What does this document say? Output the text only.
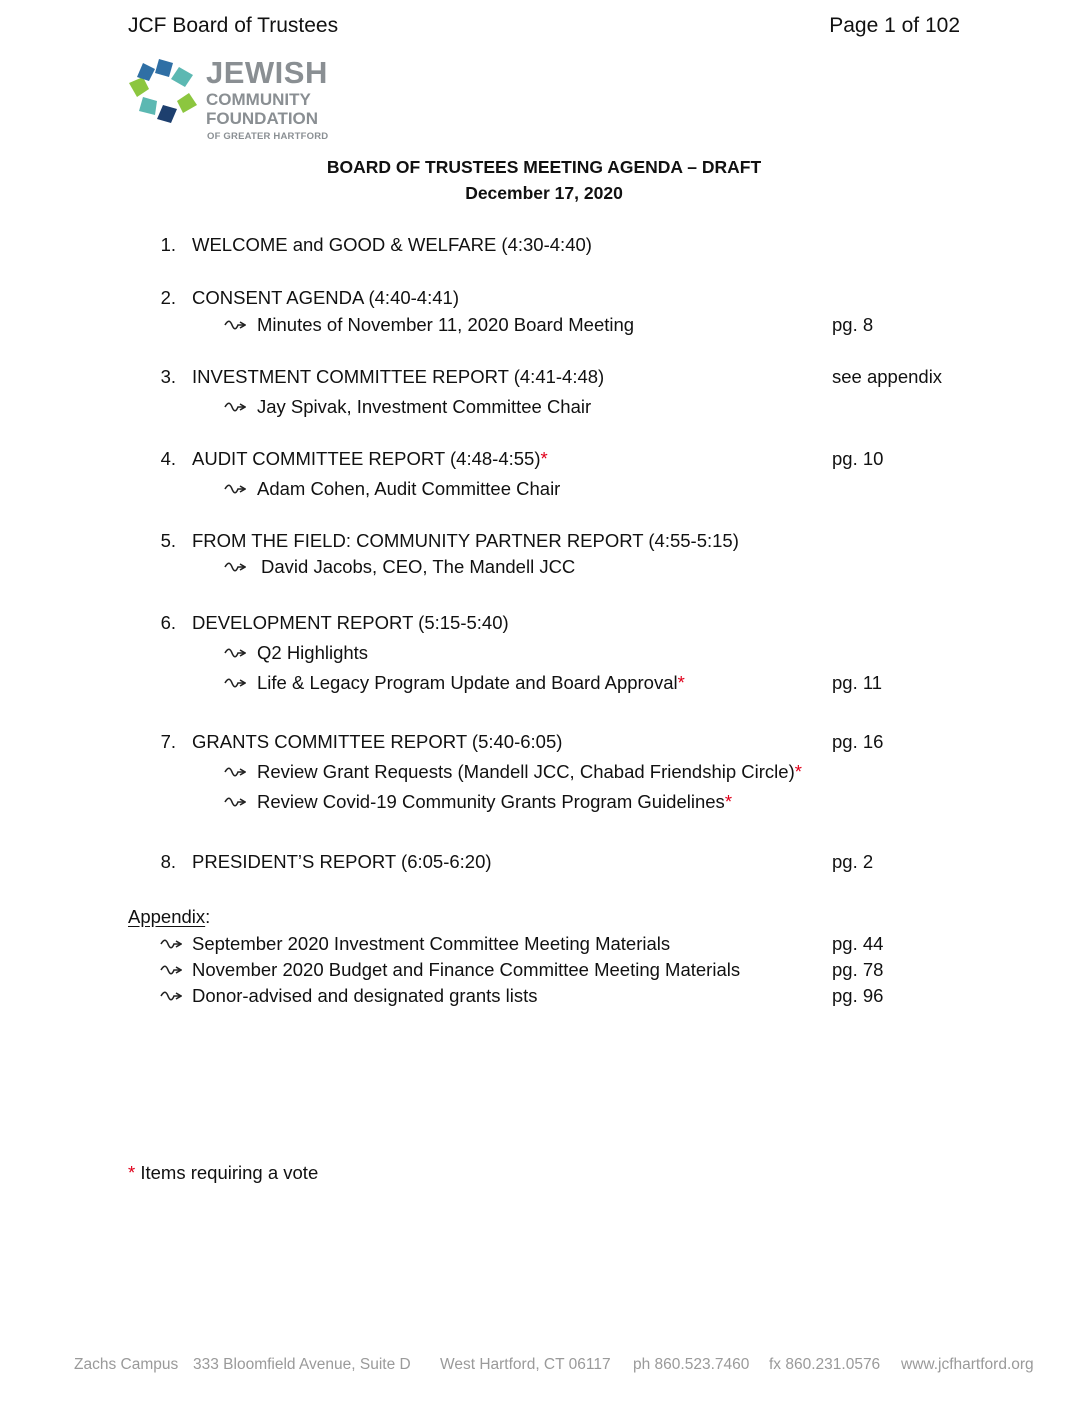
JCF Board of Trustees	Page 1 of 102
JEWISH
COMMUNITY
FOUNDATION
OF GREATER HARTFORD
BOARD OF TRUSTEES MEETING AGENDA – DRAFT
December 17, 2020
1. WELCOME and GOOD & WELFARE (4:30-4:40)
2. CONSENT AGENDA (4:40-4:41)
Minutes of November 11, 2020 Board Meeting	pg. 8
3. INVESTMENT COMMITTEE REPORT (4:41-4:48)	see appendix
Jay Spivak, Investment Committee Chair
4. AUDIT COMMITTEE REPORT (4:48-4:55)*	pg. 10
Adam Cohen, Audit Committee Chair
5. FROM THE FIELD: COMMUNITY PARTNER REPORT (4:55-5:15)
David Jacobs, CEO, The Mandell JCC
6. DEVELOPMENT REPORT (5:15-5:40)
Q2 Highlights
Life & Legacy Program Update and Board Approval*	pg. 11
7. GRANTS COMMITTEE REPORT (5:40-6:05)	pg. 16
Review Grant Requests (Mandell JCC, Chabad Friendship Circle)*
Review Covid-19 Community Grants Program Guidelines*
8. PRESIDENT’S REPORT (6:05-6:20)	pg. 2
Appendix:
September 2020 Investment Committee Meeting Materials	pg. 44
November 2020 Budget and Finance Committee Meeting Materials	pg. 78
Donor-advised and designated grants lists	pg. 96
* Items requiring a vote
Zachs Campus 333 Bloomfield Avenue, Suite D West Hartford, CT 06117 ph 860.523.7460 fx 860.231.0576 www.jcfhartford.org
